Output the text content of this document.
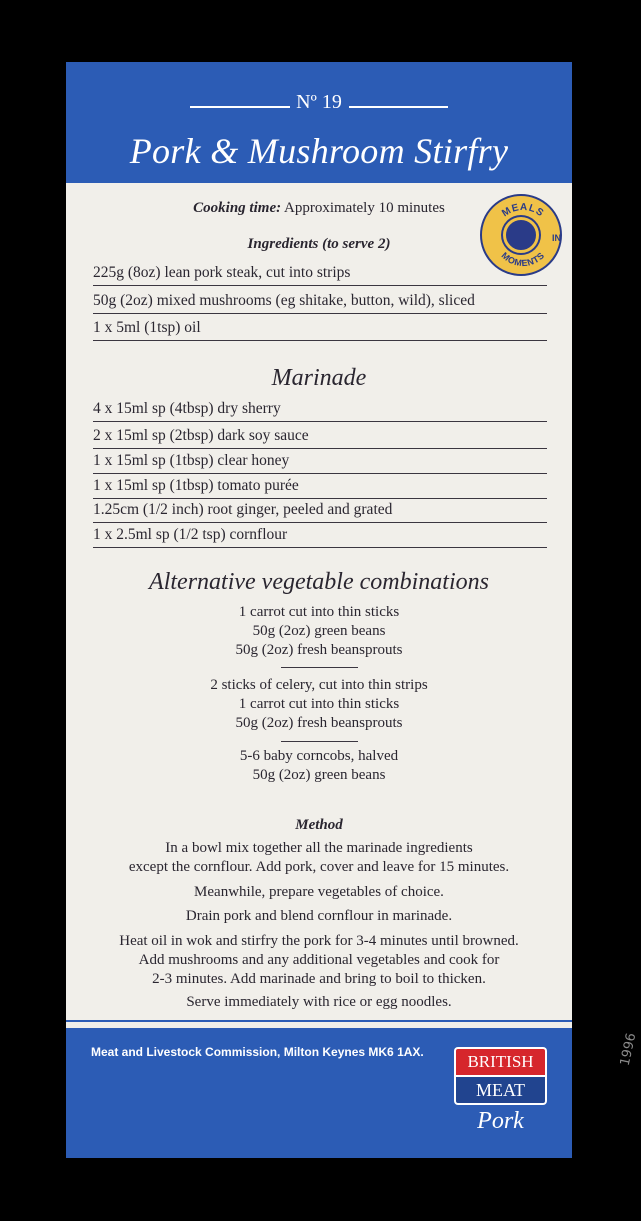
Nº 19
Pork & Mushroom Stirfry
MEALS
MOMENTS
IN
Cooking time: Approximately 10 minutes
Ingredients (to serve 2)
225g (8oz) lean pork steak, cut into strips
50g (2oz) mixed mushrooms (eg shitake, button, wild), sliced
1 x 5ml (1tsp) oil
Marinade
4 x 15ml sp (4tbsp) dry sherry
2 x 15ml sp (2tbsp) dark soy sauce
1 x 15ml sp (1tbsp) clear honey
1 x 15ml sp (1tbsp) tomato purée
1.25cm (1/2 inch) root ginger, peeled and grated
1 x 2.5ml sp (1/2 tsp) cornflour
Alternative vegetable combinations
1 carrot cut into thin sticks
50g (2oz) green beans
50g (2oz) fresh beansprouts
2 sticks of celery, cut into thin strips
1 carrot cut into thin sticks
50g (2oz) fresh beansprouts
5-6 baby corncobs, halved
50g (2oz) green beans
Method
In a bowl mix together all the marinade ingredients
except the cornflour. Add pork, cover and leave for 15 minutes.
Meanwhile, prepare vegetables of choice.
Drain pork and blend cornflour in marinade.
Heat oil in wok and stirfry the pork for 3-4 minutes until browned.
Add mushrooms and any additional vegetables and cook for
2-3 minutes. Add marinade and bring to boil to thicken.
Serve immediately with rice or egg noodles.
Meat and Livestock Commission, Milton Keynes MK6 1AX.	BRITISH
MEAT
Pork
1996
